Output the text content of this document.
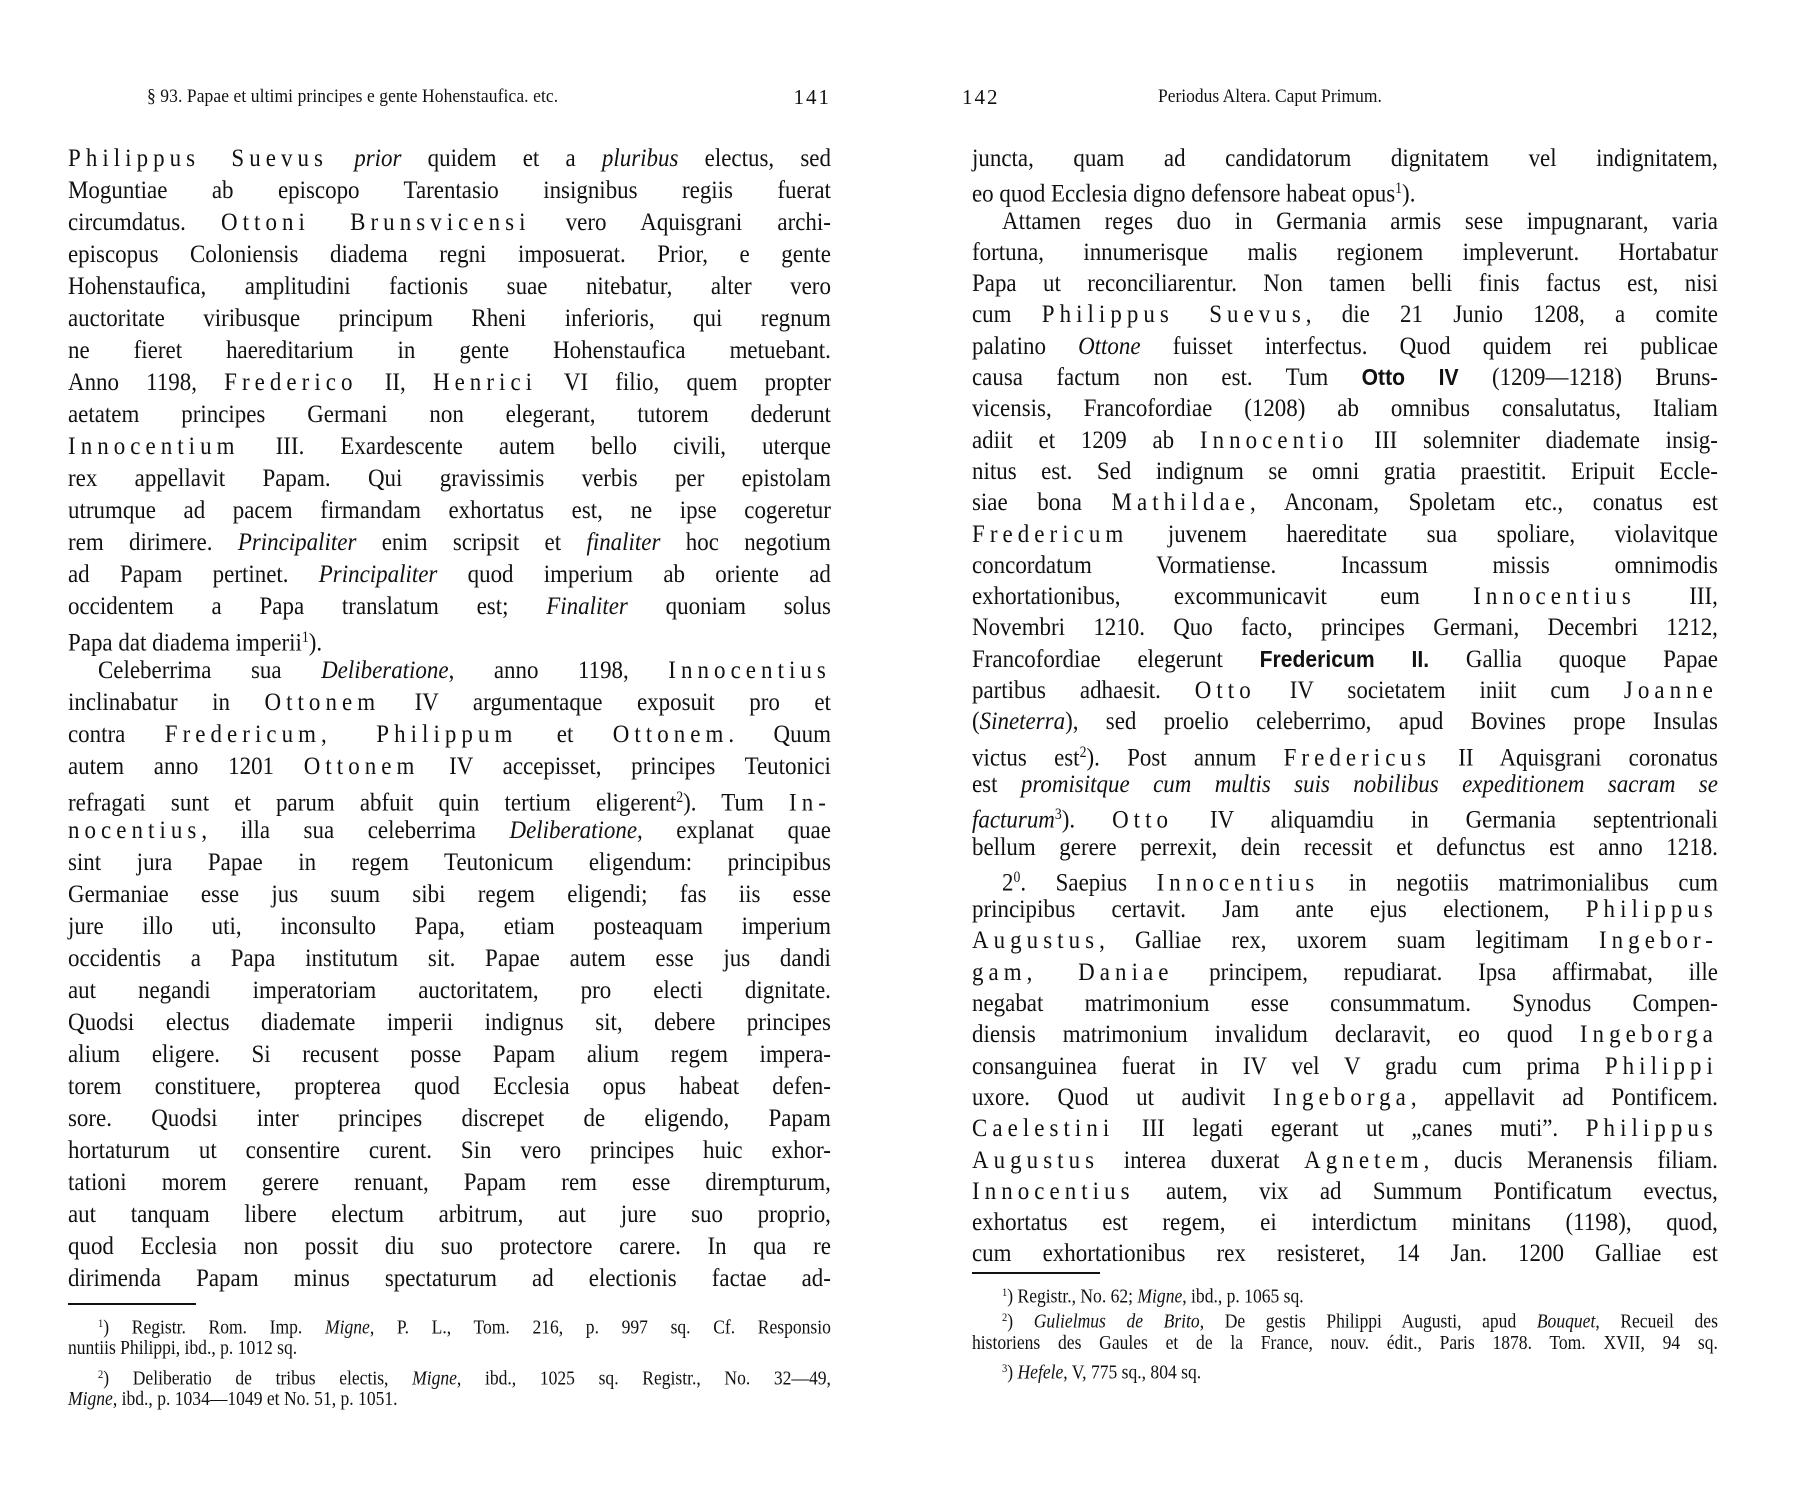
§ 93. Papae et ultimi principes e gente Hohenstaufica. etc.	141
Philippus Suevus prior quidem et a pluribus electus, sed
Moguntiae ab episcopo Tarentasio insignibus regiis fuerat
circumdatus. Ottoni Brunsvicensi vero Aquisgrani archi-
episcopus Coloniensis diadema regni imposuerat. Prior, e gente
Hohenstaufica, amplitudini factionis suae nitebatur, alter vero
auctoritate viribusque principum Rheni inferioris, qui regnum
ne fieret haereditarium in gente Hohenstaufica metuebant.
Anno 1198, Frederico II, Henrici VI filio, quem propter
aetatem principes Germani non elegerant, tutorem dederunt
Innocentium III. Exardescente autem bello civili, uterque
rex appellavit Papam. Qui gravissimis verbis per epistolam
utrumque ad pacem firmandam exhortatus est, ne ipse cogeretur
rem dirimere. Principaliter enim scripsit et finaliter hoc negotium
ad Papam pertinet. Principaliter quod imperium ab oriente ad
occidentem a Papa translatum est; Finaliter quoniam solus
Papa dat diadema imperii$^1$).
Celeberrima sua Deliberatione, anno 1198, Innocentius
inclinabatur in Ottonem IV argumentaque exposuit pro et
contra Fredericum, Philippum et Ottonem. Quum
autem anno 1201 Ottonem IV accepisset, principes Teutonici
refragati sunt et parum abfuit quin tertium eligerent$^2$). Tum In-
nocentius, illa sua celeberrima Deliberatione, explanat quae
sint jura Papae in regem Teutonicum eligendum: principibus
Germaniae esse jus suum sibi regem eligendi; fas iis esse
jure illo uti, inconsulto Papa, etiam posteaquam imperium
occidentis a Papa institutum sit. Papae autem esse jus dandi
aut negandi imperatoriam auctoritatem, pro electi dignitate.
Quodsi electus diademate imperii indignus sit, debere principes
alium eligere. Si recusent posse Papam alium regem impera-
torem constituere, propterea quod Ecclesia opus habeat defen-
sore. Quodsi inter principes discrepet de eligendo, Papam
hortaturum ut consentire curent. Sin vero principes huic exhor-
tationi morem gerere renuant, Papam rem esse dirempturum,
aut tanquam libere electum arbitrum, aut jure suo proprio,
quod Ecclesia non possit diu suo protectore carere. In qua re
dirimenda Papam minus spectaturum ad electionis factae ad-
$^1$) Registr. Rom. Imp. Migne, P. L., Tom. 216, p. 997 sq. Cf. Responsio
nuntiis Philippi, ibd., p. 1012 sq.
$^2$) Deliberatio de tribus electis, Migne, ibd., 1025 sq. Registr., No. 32—49,
Migne, ibd., p. 1034—1049 et No. 51, p. 1051.
142	Periodus Altera. Caput Primum.
juncta, quam ad candidatorum dignitatem vel indignitatem,
eo quod Ecclesia digno defensore habeat opus$^1$).
Attamen reges duo in Germania armis sese impugnarant, varia
fortuna, innumerisque malis regionem impleverunt. Hortabatur
Papa ut reconciliarentur. Non tamen belli finis factus est, nisi
cum Philippus Suevus, die 21 Junio 1208, a comite
palatino Ottone fuisset interfectus. Quod quidem rei publicae
causa factum non est. Tum Otto IV (1209—1218) Bruns-
vicensis, Francofordiae (1208) ab omnibus consalutatus, Italiam
adiit et 1209 ab Innocentio III solemniter diademate insig-
nitus est. Sed indignum se omni gratia praestitit. Eripuit Eccle-
siae bona Mathildae, Anconam, Spoletam etc., conatus est
Fredericum juvenem haereditate sua spoliare, violavitque
concordatum Vormatiense. Incassum missis omnimodis
exhortationibus, excommunicavit eum Innocentius III,
Novembri 1210. Quo facto, principes Germani, Decembri 1212,
Francofordiae elegerunt Fredericum II. Gallia quoque Papae
partibus adhaesit. Otto IV societatem iniit cum Joanne
(Sineterra), sed proelio celeberrimo, apud Bovines prope Insulas
victus est$^2$). Post annum Fredericus II Aquisgrani coronatus
est promisitque cum multis suis nobilibus expeditionem sacram se
facturum$^3$). Otto IV aliquamdiu in Germania septentrionali
bellum gerere perrexit, dein recessit et defunctus est anno 1218.
$2^0$. Saepius Innocentius in negotiis matrimonialibus cum
principibus certavit. Jam ante ejus electionem, Philippus
Augustus, Galliae rex, uxorem suam legitimam Ingebor-
gam, Daniae principem, repudiarat. Ipsa affirmabat, ille
negabat matrimonium esse consummatum. Synodus Compen-
diensis matrimonium invalidum declaravit, eo quod Ingeborga
consanguinea fuerat in IV vel V gradu cum prima Philippi
uxore. Quod ut audivit Ingeborga, appellavit ad Pontificem.
Caelestini III legati egerant ut „canes muti”. Philippus
Augustus interea duxerat Agnetem, ducis Meranensis filiam.
Innocentius autem, vix ad Summum Pontificatum evectus,
exhortatus est regem, ei interdictum minitans (1198), quod,
cum exhortationibus rex resisteret, 14 Jan. 1200 Galliae est
$^1$) Registr., No. 62; Migne, ibd., p. 1065 sq.
$^2$) Gulielmus de Brito, De gestis Philippi Augusti, apud Bouquet, Recueil des
historiens des Gaules et de la France, nouv. édit., Paris 1878. Tom. XVII, 94 sq.
$^3$) Hefele, V, 775 sq., 804 sq.
